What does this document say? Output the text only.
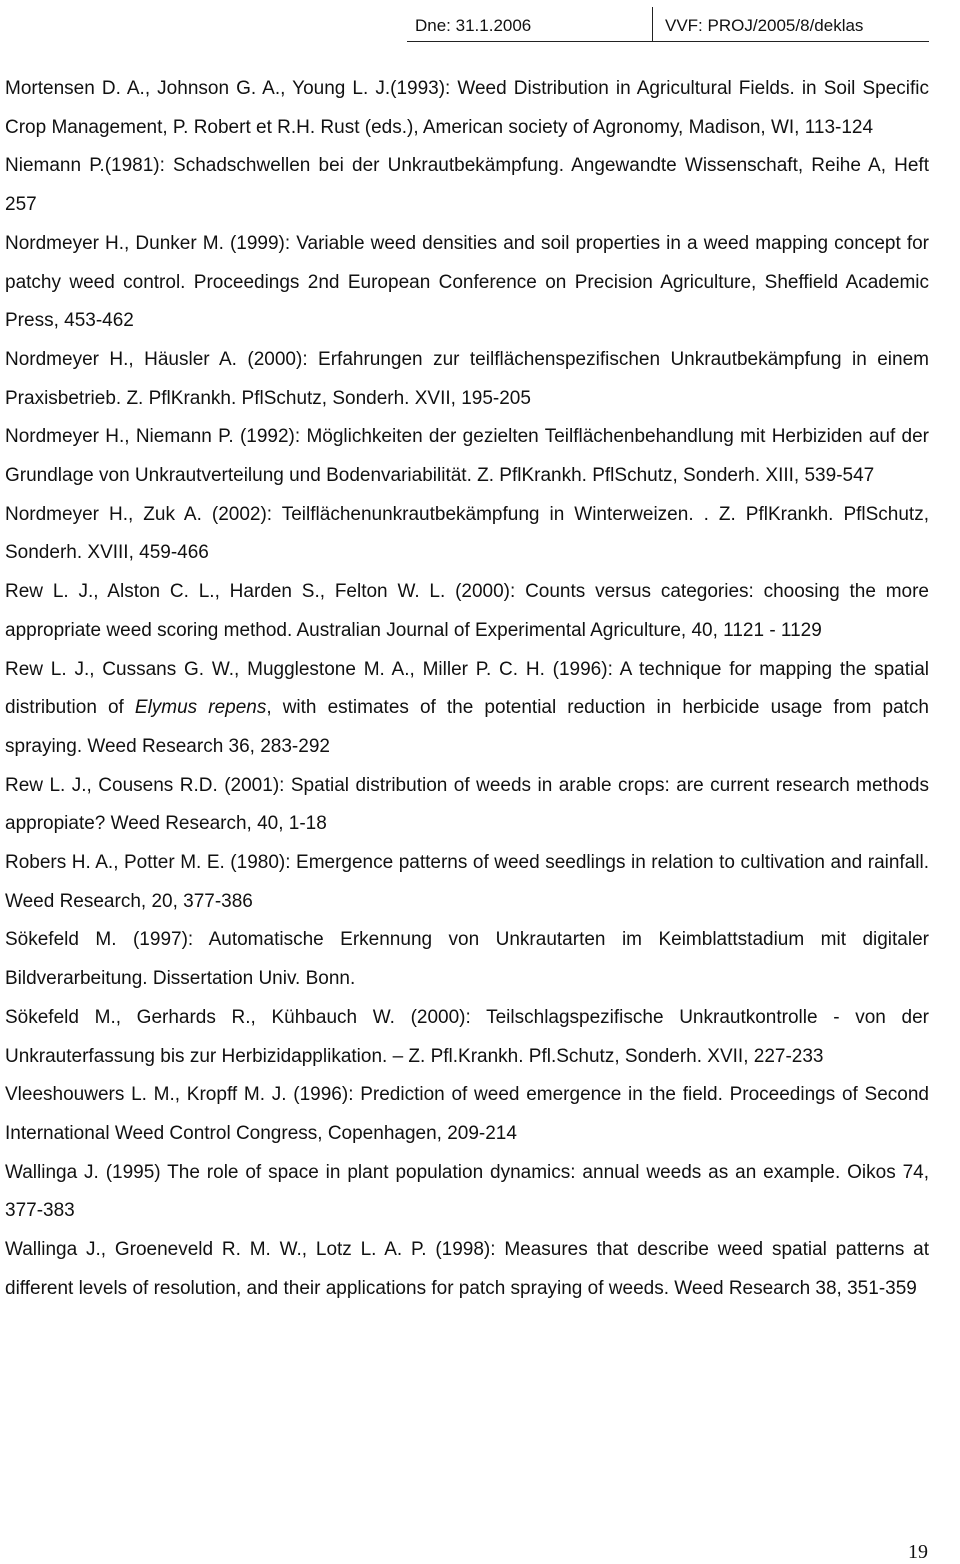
Dne: 31.1.2006	VVF: PROJ/2005/8/deklas

Mortensen D. A., Johnson G. A., Young L. J.(1993): Weed Distribution in Agricultural Fields. in Soil Specific Crop Management, P. Robert et R.H. Rust (eds.), American society of Agronomy, Madison, WI, 113-124

Niemann P.(1981): Schadschwellen bei der Unkrautbekämpfung. Angewandte Wissenschaft, Reihe A, Heft 257

Nordmeyer H., Dunker M. (1999): Variable weed densities and soil properties in a weed mapping concept for patchy weed control. Proceedings 2nd European Conference on Precision Agriculture, Sheffield Academic Press, 453-462

Nordmeyer H., Häusler A. (2000): Erfahrungen zur teilflächenspezifischen Unkrautbekämpfung in einem Praxisbetrieb. Z. PflKrankh. PflSchutz, Sonderh. XVII, 195-205

Nordmeyer H., Niemann P. (1992): Möglichkeiten der gezielten Teilflächenbehandlung mit Herbiziden auf der Grundlage von Unkrautverteilung und Bodenvariabilität. Z. PflKrankh. PflSchutz, Sonderh. XIII, 539-547

Nordmeyer H., Zuk A. (2002): Teilflächenunkrautbekämpfung in Winterweizen. . Z. PflKrankh. PflSchutz, Sonderh. XVIII, 459-466

Rew L. J., Alston C. L., Harden S., Felton W. L. (2000): Counts versus categories: choosing the more appropriate weed scoring method. Australian Journal of Experimental Agriculture, 40, 1121 - 1129

Rew L. J., Cussans G. W., Mugglestone M. A., Miller P. C. H. (1996): A technique for mapping the spatial distribution of Elymus repens, with estimates of the potential reduction in herbicide usage from patch spraying. Weed Research 36, 283-292

Rew L. J., Cousens R.D. (2001): Spatial distribution of weeds in arable crops: are current research methods appropiate? Weed Research, 40, 1-18

Robers H. A., Potter M. E. (1980): Emergence patterns of weed seedlings in relation to cultivation and rainfall. Weed Research, 20, 377-386

Sökefeld M. (1997): Automatische Erkennung von Unkrautarten im Keimblattstadium mit digitaler Bildverarbeitung. Dissertation Univ. Bonn.

Sökefeld M., Gerhards R., Kühbauch W. (2000): Teilschlagspezifische Unkrautkontrolle - von der Unkrauterfassung bis zur Herbizidapplikation. – Z. Pfl.Krankh. Pfl.Schutz, Sonderh. XVII, 227-233

Vleeshouwers L. M., Kropff M. J. (1996): Prediction of weed emergence in the field. Proceedings of Second International Weed Control Congress, Copenhagen, 209-214

Wallinga J. (1995) The role of space in plant population dynamics: annual weeds as an example. Oikos 74, 377-383

Wallinga J., Groeneveld R. M. W., Lotz L. A. P. (1998): Measures that describe weed spatial patterns at different levels of resolution, and their applications for patch spraying of weeds. Weed Research 38, 351-359

19
